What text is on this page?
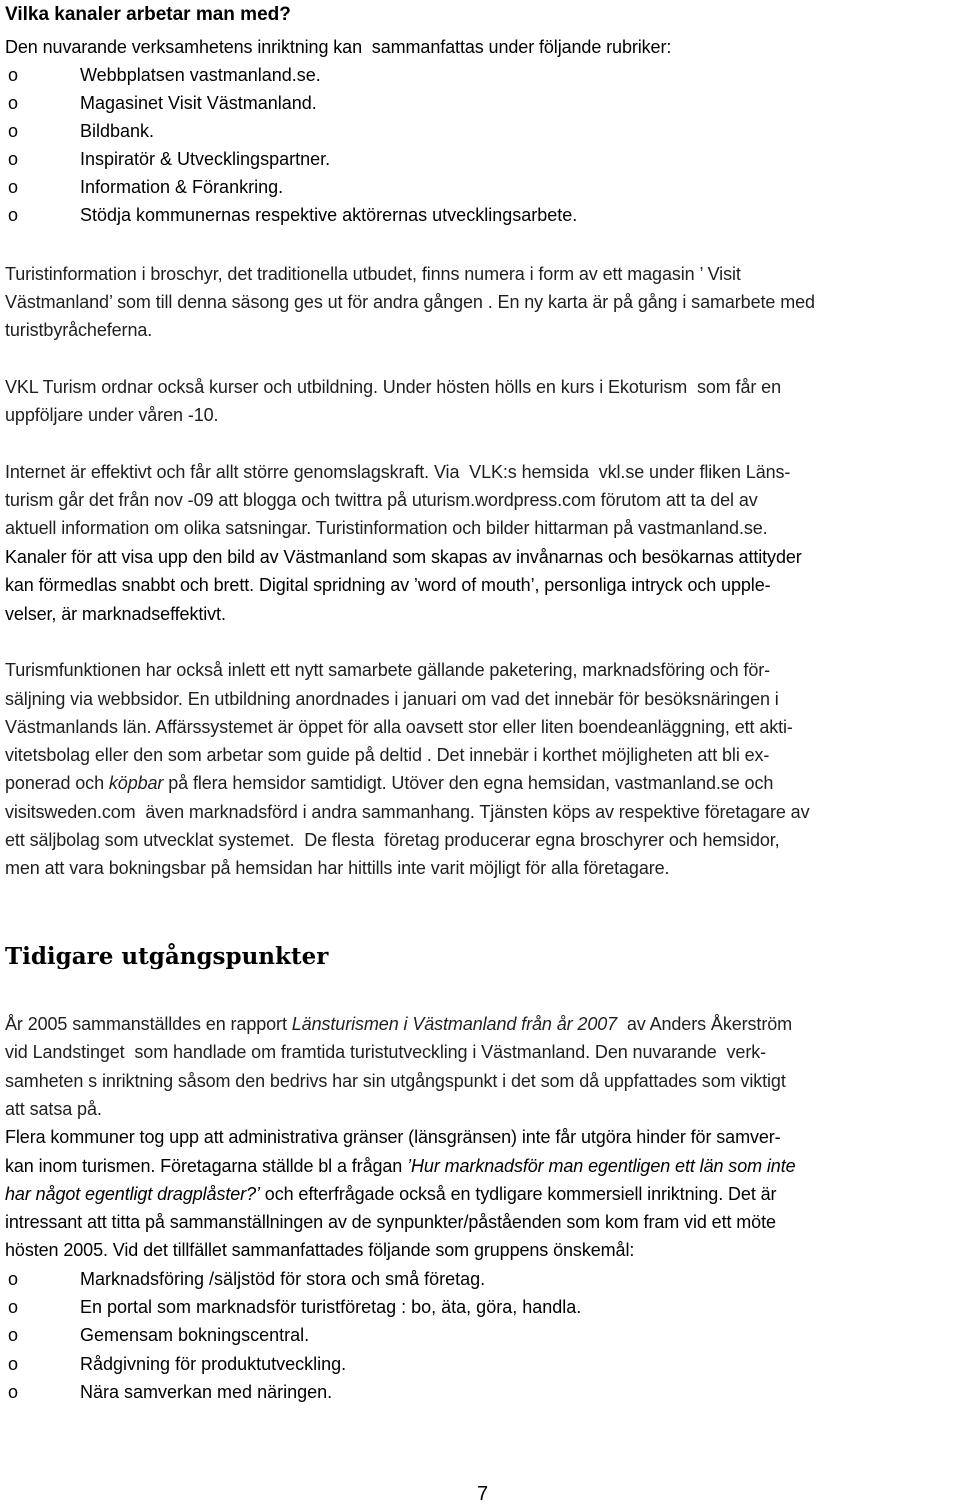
Vilka kanaler arbetar man med?
Den nuvarande verksamhetens inriktning kan  sammanfattas under följande rubriker:
o	Webbplatsen vastmanland.se.
o	Magasinet Visit Västmanland.
o	Bildbank.
o	Inspiratör & Utvecklingspartner.
o	Information & Förankring.
o	Stödja kommunernas respektive aktörernas utvecklingsarbete.
Turistinformation i broschyr, det traditionella utbudet, finns numera i form av ett magasin ’ Visit
Västmanland’ som till denna säsong ges ut för andra gången . En ny karta är på gång i samarbete med
turistbyråcheferna.
VKL Turism ordnar också kurser och utbildning. Under hösten hölls en kurs i Ekoturism  som får en
uppföljare under våren -10.
Internet är effektivt och får allt större genomslagskraft. Via  VLK:s hemsida  vkl.se under fliken Läns-
turism går det från nov -09 att blogga och twittra på uturism.wordpress.com förutom att ta del av
aktuell information om olika satsningar. Turistinformation och bilder hittarman på vastmanland.se.
Kanaler för att visa upp den bild av Västmanland som skapas av invånarnas och besökarnas attityder
kan förmedlas snabbt och brett. Digital spridning av ’word of mouth’, personliga intryck och upple-
velser, är marknadseffektivt.
Turismfunktionen har också inlett ett nytt samarbete gällande paketering, marknadsföring och för-
säljning via webbsidor. En utbildning anordnades i januari om vad det innebär för besöksnäringen i
Västmanlands län. Affärssystemet är öppet för alla oavsett stor eller liten boendeanläggning, ett akti-
vitetsbolag eller den som arbetar som guide på deltid . Det innebär i korthet möjligheten att bli ex-
ponerad och köpbar på flera hemsidor samtidigt. Utöver den egna hemsidan, vastmanland.se och
visitsweden.com  även marknadsförd i andra sammanhang. Tjänsten köps av respektive företagare av
ett säljbolag som utvecklat systemet.  De flesta  företag producerar egna broschyrer och hemsidor,
men att vara bokningsbar på hemsidan har hittills inte varit möjligt för alla företagare.
Tidigare utgångspunkter
År 2005 sammanställdes en rapport Länsturismen i Västmanland från år 2007  av Anders Åkerström
vid Landstinget  som handlade om framtida turistutveckling i Västmanland. Den nuvarande  verk-
samheten s inriktning såsom den bedrivs har sin utgångspunkt i det som då uppfattades som viktigt
att satsa på.
Flera kommuner tog upp att administrativa gränser (länsgränsen) inte får utgöra hinder för samver-
kan inom turismen. Företagarna ställde bl a frågan ’Hur marknadsför man egentligen ett län som inte
har något egentligt dragplåster?’ och efterfrågade också en tydligare kommersiell inriktning. Det är
intressant att titta på sammanställningen av de synpunkter/påståenden som kom fram vid ett möte
hösten 2005. Vid det tillfället sammanfattades följande som gruppens önskemål:
o	Marknadsföring /säljstöd för stora och små företag.
o	En portal som marknadsför turistföretag : bo, äta, göra, handla.
o	Gemensam bokningscentral.
o	Rådgivning för produktutveckling.
o	Nära samverkan med näringen.
7
